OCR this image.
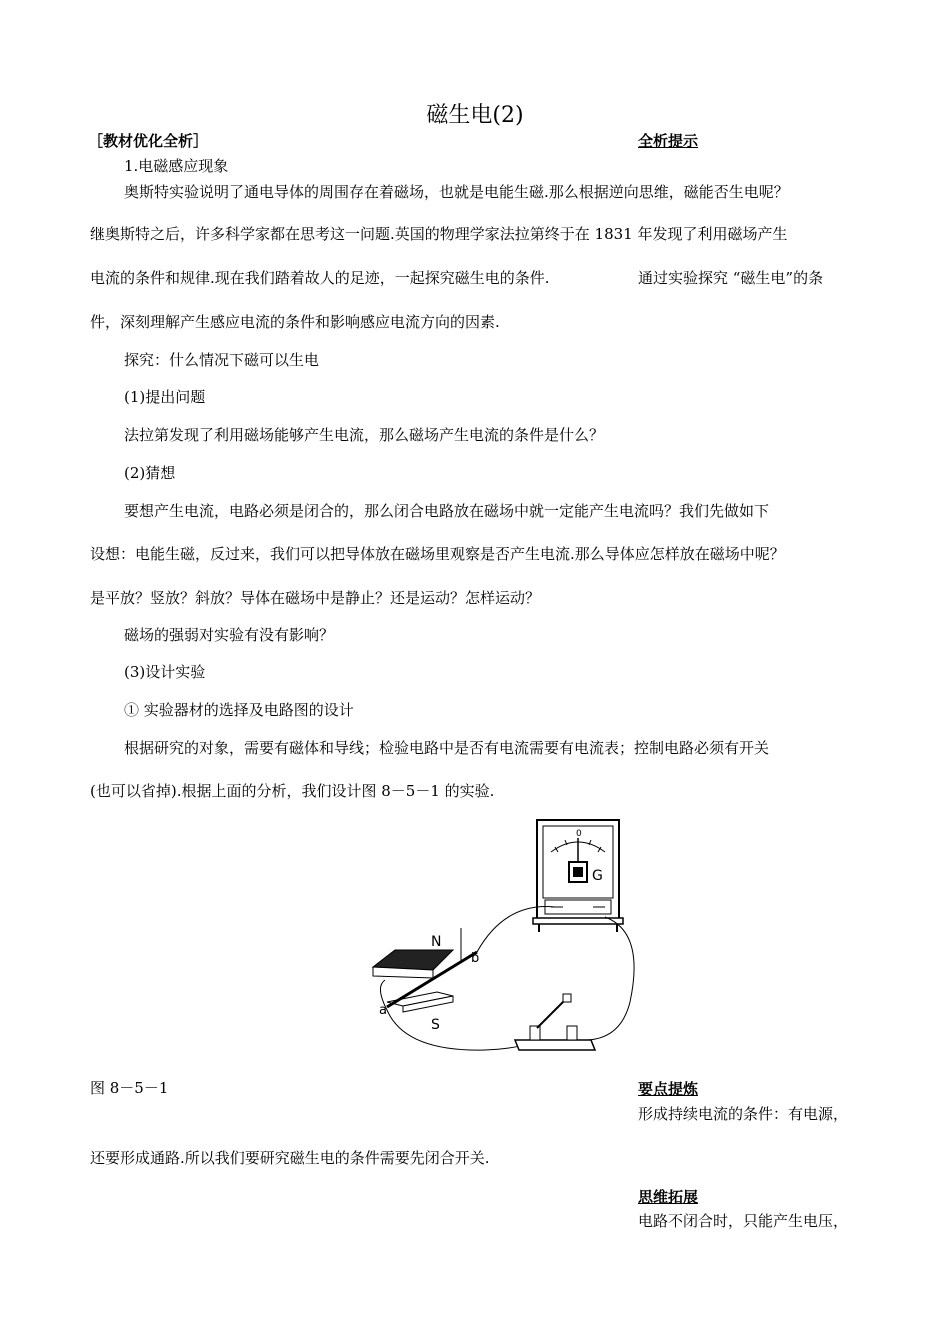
磁生电(2)
［教材优化全析］	全析提示
1.电磁感应现象
奥斯特实验说明了通电导体的周围存在着磁场，也就是电能生磁.那么根据逆向思维，磁能否生电呢？
继奥斯特之后，许多科学家都在思考这一问题.英国的物理学家法拉第终于在 1831 年发现了利用磁场产生
电流的条件和规律.现在我们踏着故人的足迹，一起探究磁生电的条件.	通过实验探究 “磁生电”的条
件，深刻理解产生感应电流的条件和影响感应电流方向的因素.
探究：什么情况下磁可以生电
(1)提出问题
法拉第发现了利用磁场能够产生电流，那么磁场产生电流的条件是什么？
(2)猜想
要想产生电流，电路必须是闭合的，那么闭合电路放在磁场中就一定能产生电流吗？我们先做如下
设想：电能生磁，反过来，我们可以把导体放在磁场里观察是否产生电流.那么导体应怎样放在磁场中呢？
是平放？竖放？斜放？导体在磁场中是静止？还是运动？怎样运动？
磁场的强弱对实验有没有影响？
(3)设计实验
① 实验器材的选择及电路图的设计
根据研究的对象，需要有磁体和导线；检验电路中是否有电流需要有电流表；控制电路必须有开关
(也可以省掉).根据上面的分析，我们设计图 8－5－1 的实验.
0
G
N
S
a
b
图 8－5－1	要点提炼
形成持续电流的条件：有电源，
还要形成通路.所以我们要研究磁生电的条件需要先闭合开关.
思维拓展
电路不闭合时，只能产生电压，
